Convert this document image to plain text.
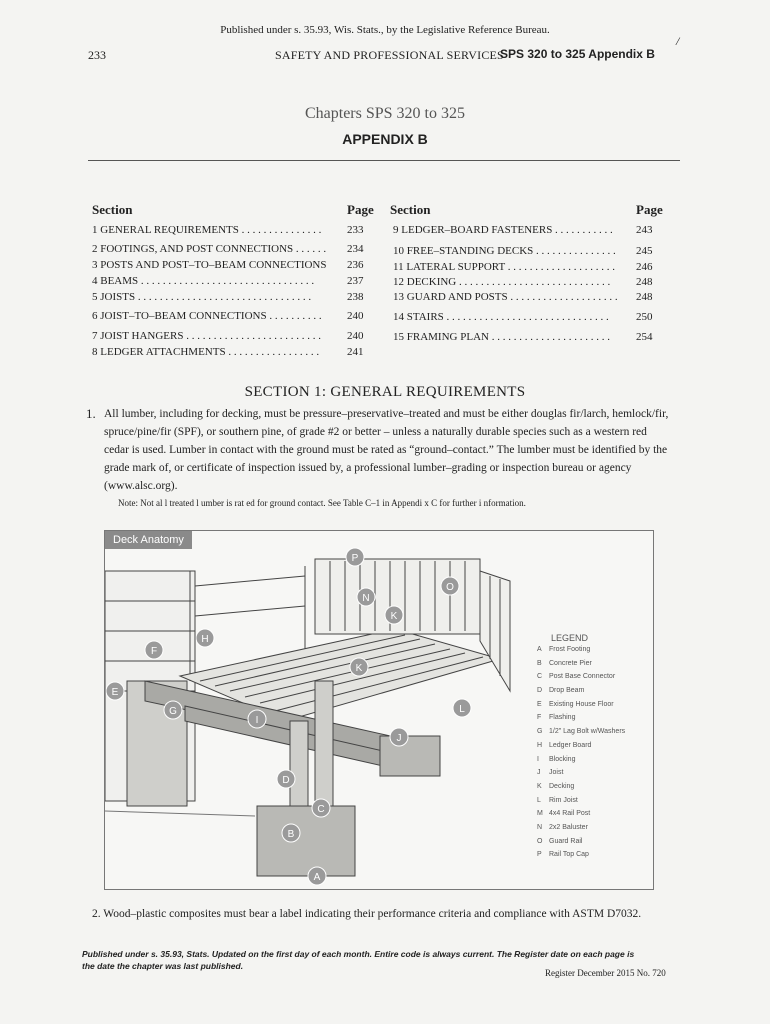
Published under s. 35.93, Wis. Stats., by the Legislative Reference Bureau.
/
233	SAFETY AND PROFESSIONAL SERVICES
SPS 320 to 325 Appendix B
Chapters SPS 320 to 325
APPENDIX B
Section	Page Section	Page
1 GENERAL REQUIREMENTS . . . . . . . . . . . . . . .	233
2 FOOTINGS, AND POST CONNECTIONS . . . . . .	234
3 POSTS AND POST–TO–BEAM CONNECTIONS	236
4 BEAMS . . . . . . . . . . . . . . . . . . . . . . . . . . . . . . . .	237
5 JOISTS . . . . . . . . . . . . . . . . . . . . . . . . . . . . . . . .	238
6 JOIST–TO–BEAM CONNECTIONS . . . . . . . . . .	240
7 JOIST HANGERS . . . . . . . . . . . . . . . . . . . . . . . . .	240
8 LEDGER ATTACHMENTS . . . . . . . . . . . . . . . . .	241
9 LEDGER–BOARD FASTENERS . . . . . . . . . . .	243
10 FREE–STANDING DECKS . . . . . . . . . . . . . . .	245
11 LATERAL SUPPORT . . . . . . . . . . . . . . . . . . . .	246
12 DECKING . . . . . . . . . . . . . . . . . . . . . . . . . . . .	248
13 GUARD AND POSTS . . . . . . . . . . . . . . . . . . . .	248
14 STAIRS . . . . . . . . . . . . . . . . . . . . . . . . . . . . . .	250
15 FRAMING PLAN . . . . . . . . . . . . . . . . . . . . . .	254
SECTION 1: GENERAL REQUIREMENTS
1. All lumber, including for decking, must be pressure–preservative–treated and must be either douglas fir/larch, hemlock/fir, spruce/pine/fir (SPF), or southern pine, of grade #2 or better – unless a naturally durable species such as a western red cedar is used. Lumber in contact with the ground must be rated as “ground–contact.” The lumber must be identified by the grade mark of, or certificate of inspection issued by, a professional lumber–grading or inspection bureau or agency (www.alsc.org).
Note: Not al l treated l umber is rat ed for ground contact. See Table C–1 in Appendi x C for further i nformation.
A
B
C
D
E
F
G
H
I
J
K
K
L
N
O
P
Deck Anatomy
LEGEND
A Frost Footing
B Concrete Pier
C Post Base Connector
D Drop Beam
E Existing House Floor
F Flashing
G 1/2" Lag Bolt w/Washers
H Ledger Board
I Blocking
J Joist
K Decking
L Rim Joist
M 4x4 Rail Post
N 2x2 Baluster
O Guard Rail
P Rail Top Cap
2. Wood–plastic composites must bear a label indicating their performance criteria and compliance with ASTM D7032.
Published under s. 35.93, Stats. Updated on the first day of each month. Entire code is always current. The Register date on each page is the date the chapter was last published.
Register December 2015 No. 720
